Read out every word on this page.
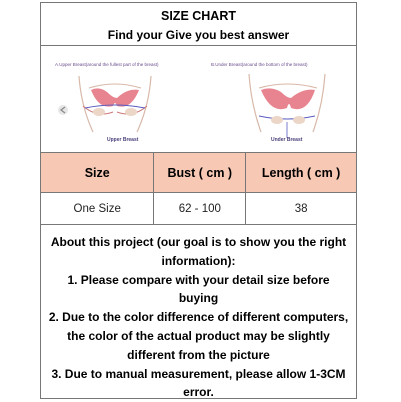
SIZE CHART
Find your Give you best answer
A.Upper Breast(around the fullest part of the breast)	B.Under Breast(around the bottom of the breast)
Upper Breast	Under Breast
Size	Bust ( cm )	Length ( cm )
One Size	62 - 100	38

About this project (our goal is to show you the right information):

1. Please compare with your detail size before buying

2. Due to the color difference of different computers, the color of the actual product may be slightly different from the picture

3. Due to manual measurement, please allow 1-3CM error.
